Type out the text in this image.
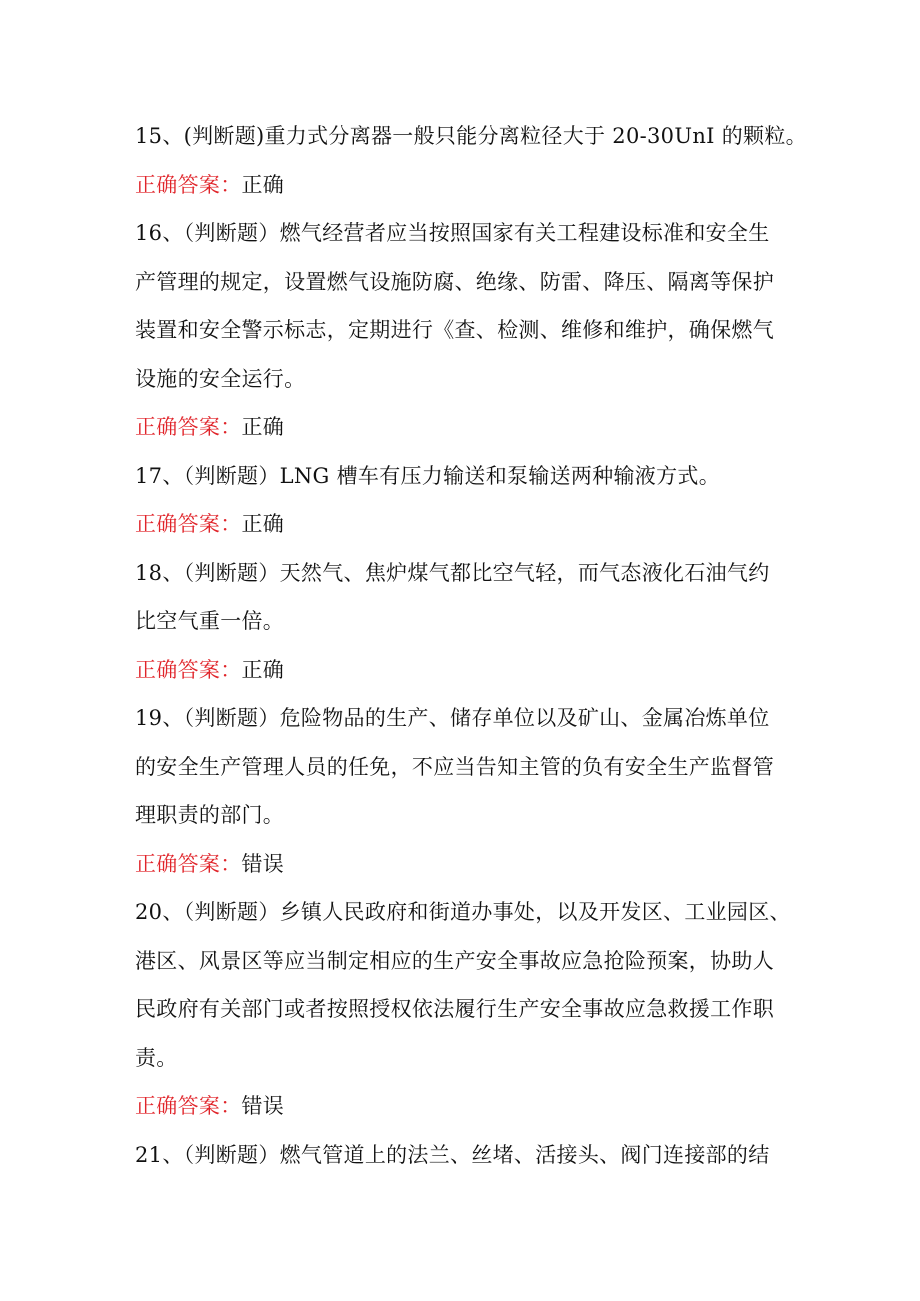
15、(判断题)重力式分离器一般只能分离粒径大于 20-30UnI 的颗粒。
正确答案：正确
16、（判断题）燃气经营者应当按照国家有关工程建设标准和安全生
产管理的规定，设置燃气设施防腐、绝缘、防雷、降压、隔离等保护
装置和安全警示标志，定期进行《查、检测、维修和维护，确保燃气
设施的安全运行。
正确答案：正确
17、（判断题）LNG 槽车有压力输送和泵输送两种输液方式。
正确答案：正确
18、（判断题）天然气、焦炉煤气都比空气轻，而气态液化石油气约
比空气重一倍。
正确答案：正确
19、（判断题）危险物品的生产、储存单位以及矿山、金属冶炼单位
的安全生产管理人员的任免，不应当告知主管的负有安全生产监督管
理职责的部门。
正确答案：错误
20、（判断题）乡镇人民政府和街道办事处，以及开发区、工业园区、
港区、风景区等应当制定相应的生产安全事故应急抢险预案，协助人
民政府有关部门或者按照授权依法履行生产安全事故应急救援工作职
责。
正确答案：错误
21、（判断题）燃气管道上的法兰、丝堵、活接头、阀门连接部的结
